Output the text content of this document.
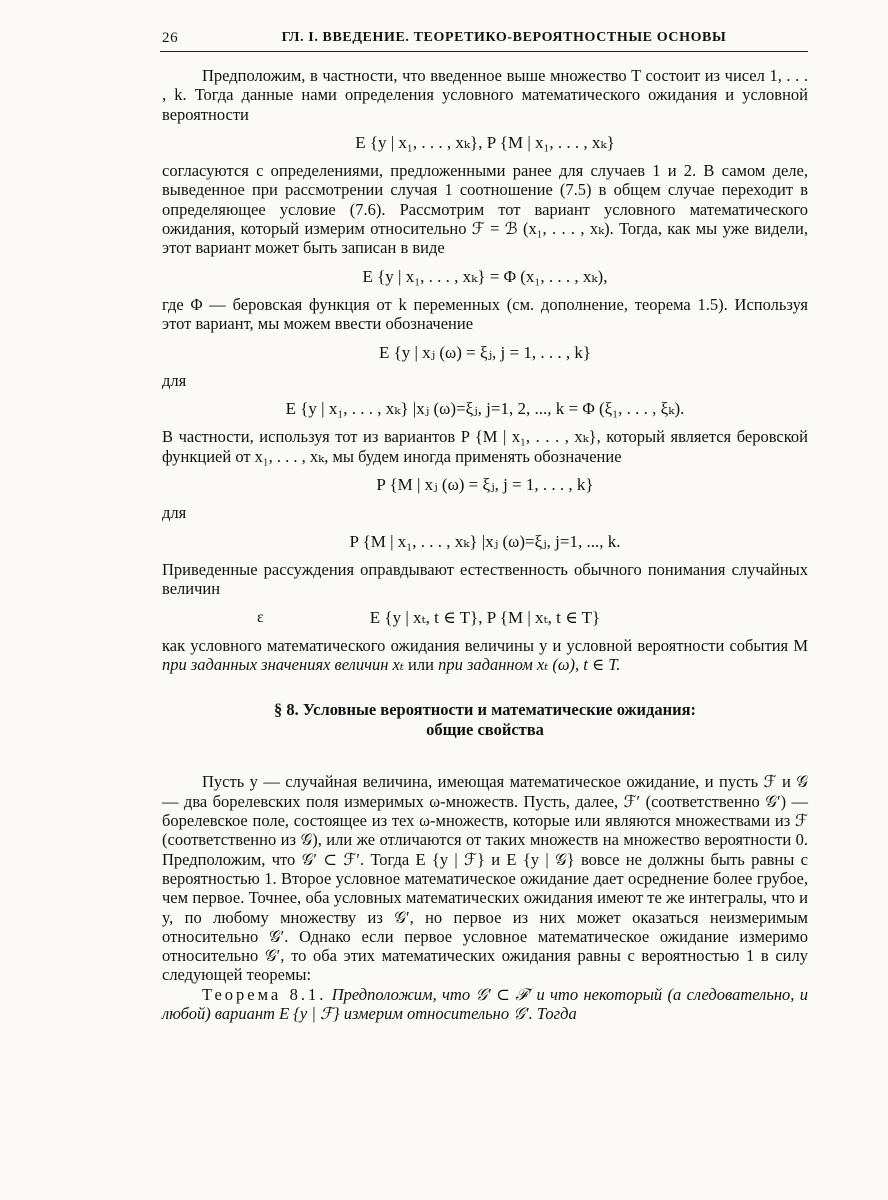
26	ГЛ. I. ВВЕДЕНИЕ. ТЕОРЕТИКО-ВЕРОЯТНОСТНЫЕ ОСНОВЫ

Предположим, в частности, что введенное выше множество T состоит из чисел 1, . . . , k. Тогда данные нами определения условного математического ожидания и условной вероятности

E {y | x₁, . . . , xₖ}, P {M | x₁, . . . , xₖ}

согласуются с определениями, предложенными ранее для случаев 1 и 2. В самом деле, выведенное при рассмотрении случая 1 соотношение (7.5) в общем случае переходит в определяющее условие (7.6). Рассмотрим тот вариант условного математического ожидания, который измерим относительно ℱ = ℬ (x₁, . . . , xₖ). Тогда, как мы уже видели, этот вариант может быть записан в виде

E {y | x₁, . . . , xₖ} = Φ (x₁, . . . , xₖ),

где Φ — беровская функция от k переменных (см. дополнение, теорема 1.5). Используя этот вариант, мы можем ввести обозначение

E {y | xⱼ (ω) = ξⱼ, j = 1, . . . , k}

для

E {y | x₁, . . . , xₖ} |xⱼ (ω)=ξⱼ, j=1, 2, ..., k = Φ (ξ₁, . . . , ξₖ).

В частности, используя тот из вариантов P {M | x₁, . . . , xₖ}, который является беровской функцией от x₁, . . . , xₖ, мы будем иногда применять обозначение

P {M | xⱼ (ω) = ξⱼ, j = 1, . . . , k}

для

P {M | x₁, . . . , xₖ} |xⱼ (ω)=ξⱼ, j=1, ..., k.

Приведенные рассуждения оправдывают естественность обычного понимания случайных величин

ɛ	E {y | xₜ, t ∈ T}, P {M | xₜ, t ∈ T}

как условного математического ожидания величины y и условной вероятности события M при заданных значениях величин xₜ или при заданном xₜ (ω), t ∈ T.

§ 8. Условные вероятности и математические ожидания:
общие свойства

Пусть y — случайная величина, имеющая математическое ожидание, и пусть ℱ и 𝒢 — два борелевских поля измеримых ω-множеств. Пусть, далее, ℱ′ (соответственно 𝒢′) — борелевское поле, состоящее из тех ω-множеств, которые или являются множествами из ℱ (соответственно из 𝒢), или же отличаются от таких множеств на множество вероятности 0. Предположим, что 𝒢′ ⊂ ℱ′. Тогда E {y | ℱ} и E {y | 𝒢} вовсе не должны быть равны с вероятностью 1. Второе условное математическое ожидание дает осреднение более грубое, чем первое. Точнее, оба условных математических ожидания имеют те же интегралы, что и y, по любому множеству из 𝒢′, но первое из них может оказаться неизмеримым относительно 𝒢′. Однако если первое условное математическое ожидание измеримо относительно 𝒢′, то оба этих математических ожидания равны с вероятностью 1 в силу следующей теоремы:

Теорема 8.1. Предположим, что 𝒢′ ⊂ ℱ′ и что некоторый (а следовательно, и любой) вариант E {y | ℱ} измерим относительно 𝒢′. Тогда
